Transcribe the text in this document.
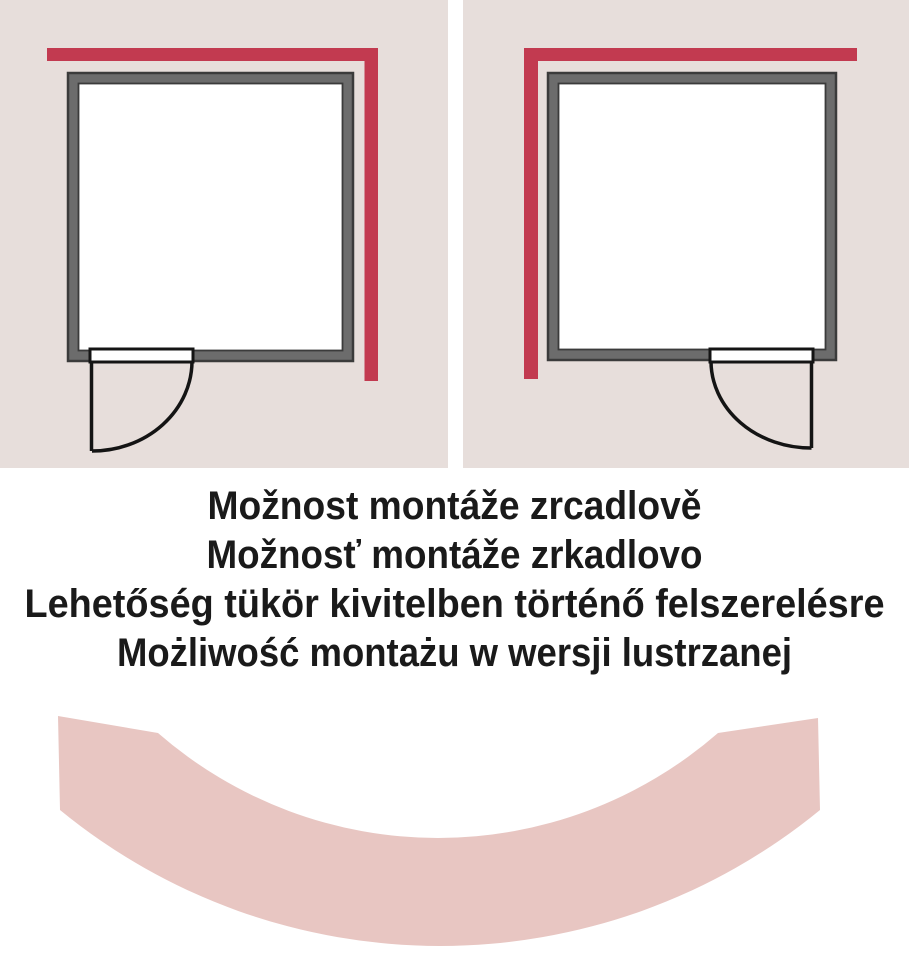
Možnost montáže zrcadlově
Možnosť montáže zrkadlovo
Lehetőség tükör kivitelben történő felszerelésre
Możliwość montażu w wersji lustrzanej
